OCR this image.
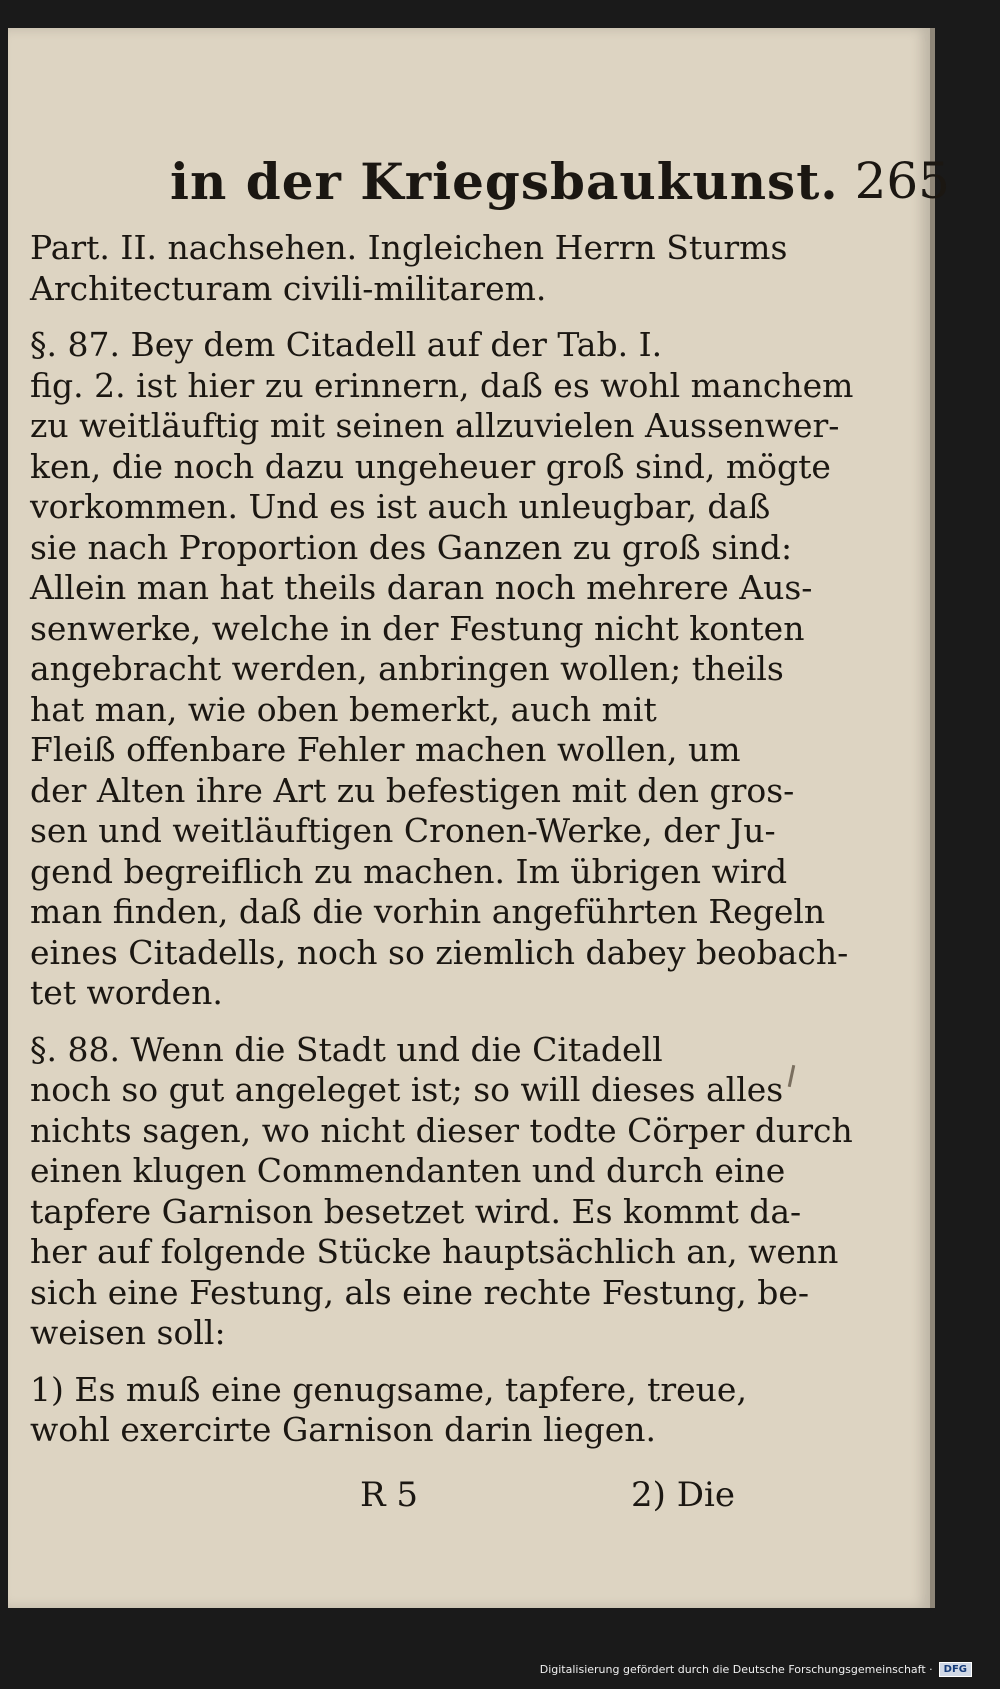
in der Kriegsbaukunst. 265
Part. II. nachsehen. Ingleichen Herrn Sturms
Architecturam civili-militarem.
§. 87. Bey dem Citadell auf der Tab. I.
fig. 2. ist hier zu erinnern, daß es wohl manchem
zu weitläuftig mit seinen allzuvielen Aussenwer-
ken, die noch dazu ungeheuer groß sind, mögte
vorkommen. Und es ist auch unleugbar, daß
sie nach Proportion des Ganzen zu groß sind:
Allein man hat theils daran noch mehrere Aus-
senwerke, welche in der Festung nicht konten
angebracht werden, anbringen wollen; theils
hat man, wie oben bemerkt, auch mit
Fleiß offenbare Fehler machen wollen, um
der Alten ihre Art zu befestigen mit den gros-
sen und weitläuftigen Cronen-Werke, der Ju-
gend begreiflich zu machen. Im übrigen wird
man finden, daß die vorhin angeführten Regeln
eines Citadells, noch so ziemlich dabey beobach-
tet worden.
§. 88. Wenn die Stadt und die Citadell
noch so gut angeleget ist; so will dieses alles
nichts sagen, wo nicht dieser todte Cörper durch
einen klugen Commendanten und durch eine
tapfere Garnison besetzet wird. Es kommt da-
her auf folgende Stücke hauptsächlich an, wenn
sich eine Festung, als eine rechte Festung, be-
weisen soll:
1) Es muß eine genugsame, tapfere, treue,
wohl exercirte Garnison darin liegen.
R 5	2) Die
Digitalisierung gefördert durch die Deutsche Forschungsgemeinschaft ·	DFG
